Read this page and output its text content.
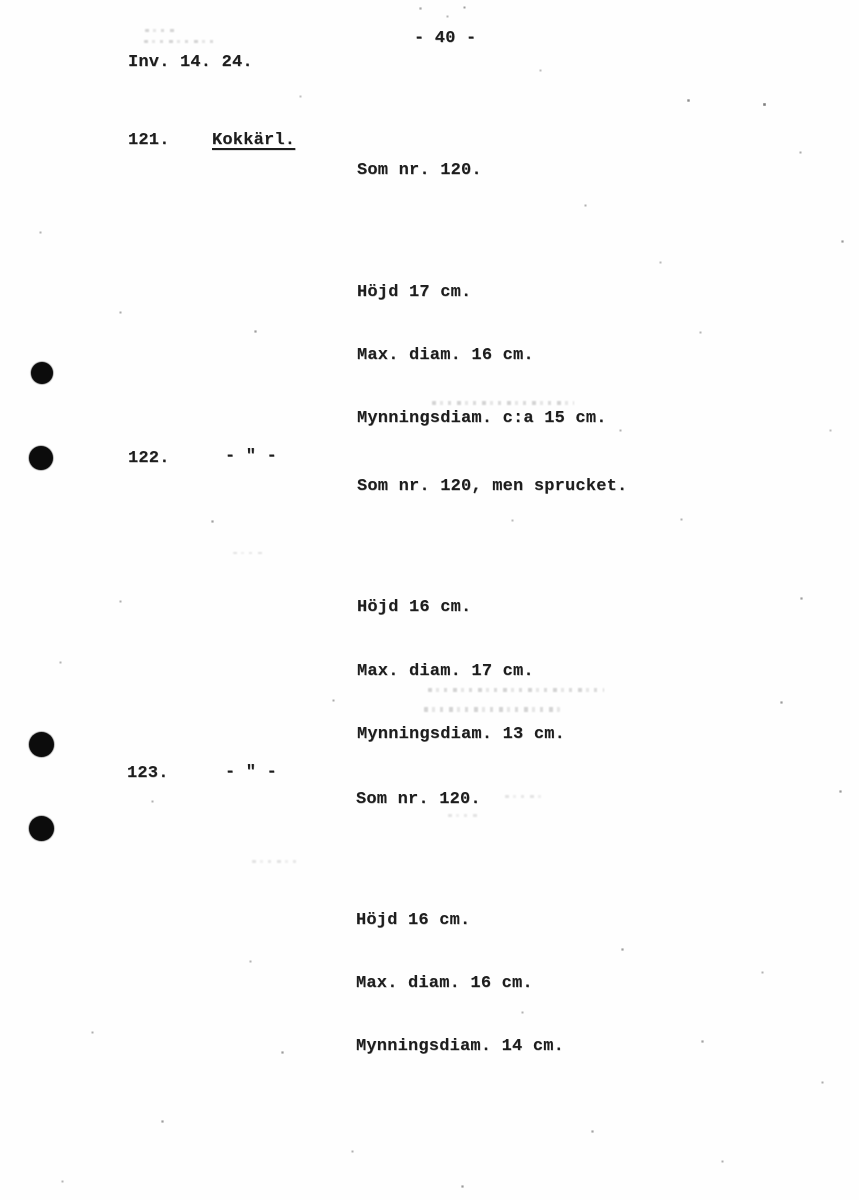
- 40 -
Inv. 14. 24.
121. Kokkärl.
Som nr. 120.

Höjd 17 cm.

Max. diam. 16 cm.

Mynningsdiam. c:a 15 cm.

122.	- " -
Som nr. 120, men sprucket.

Höjd 16 cm.

Max. diam. 17 cm.

Mynningsdiam. 13 cm.

123.	- " -
Som nr. 120.

Höjd 16 cm.

Max. diam. 16 cm.

Mynningsdiam. 14 cm.
